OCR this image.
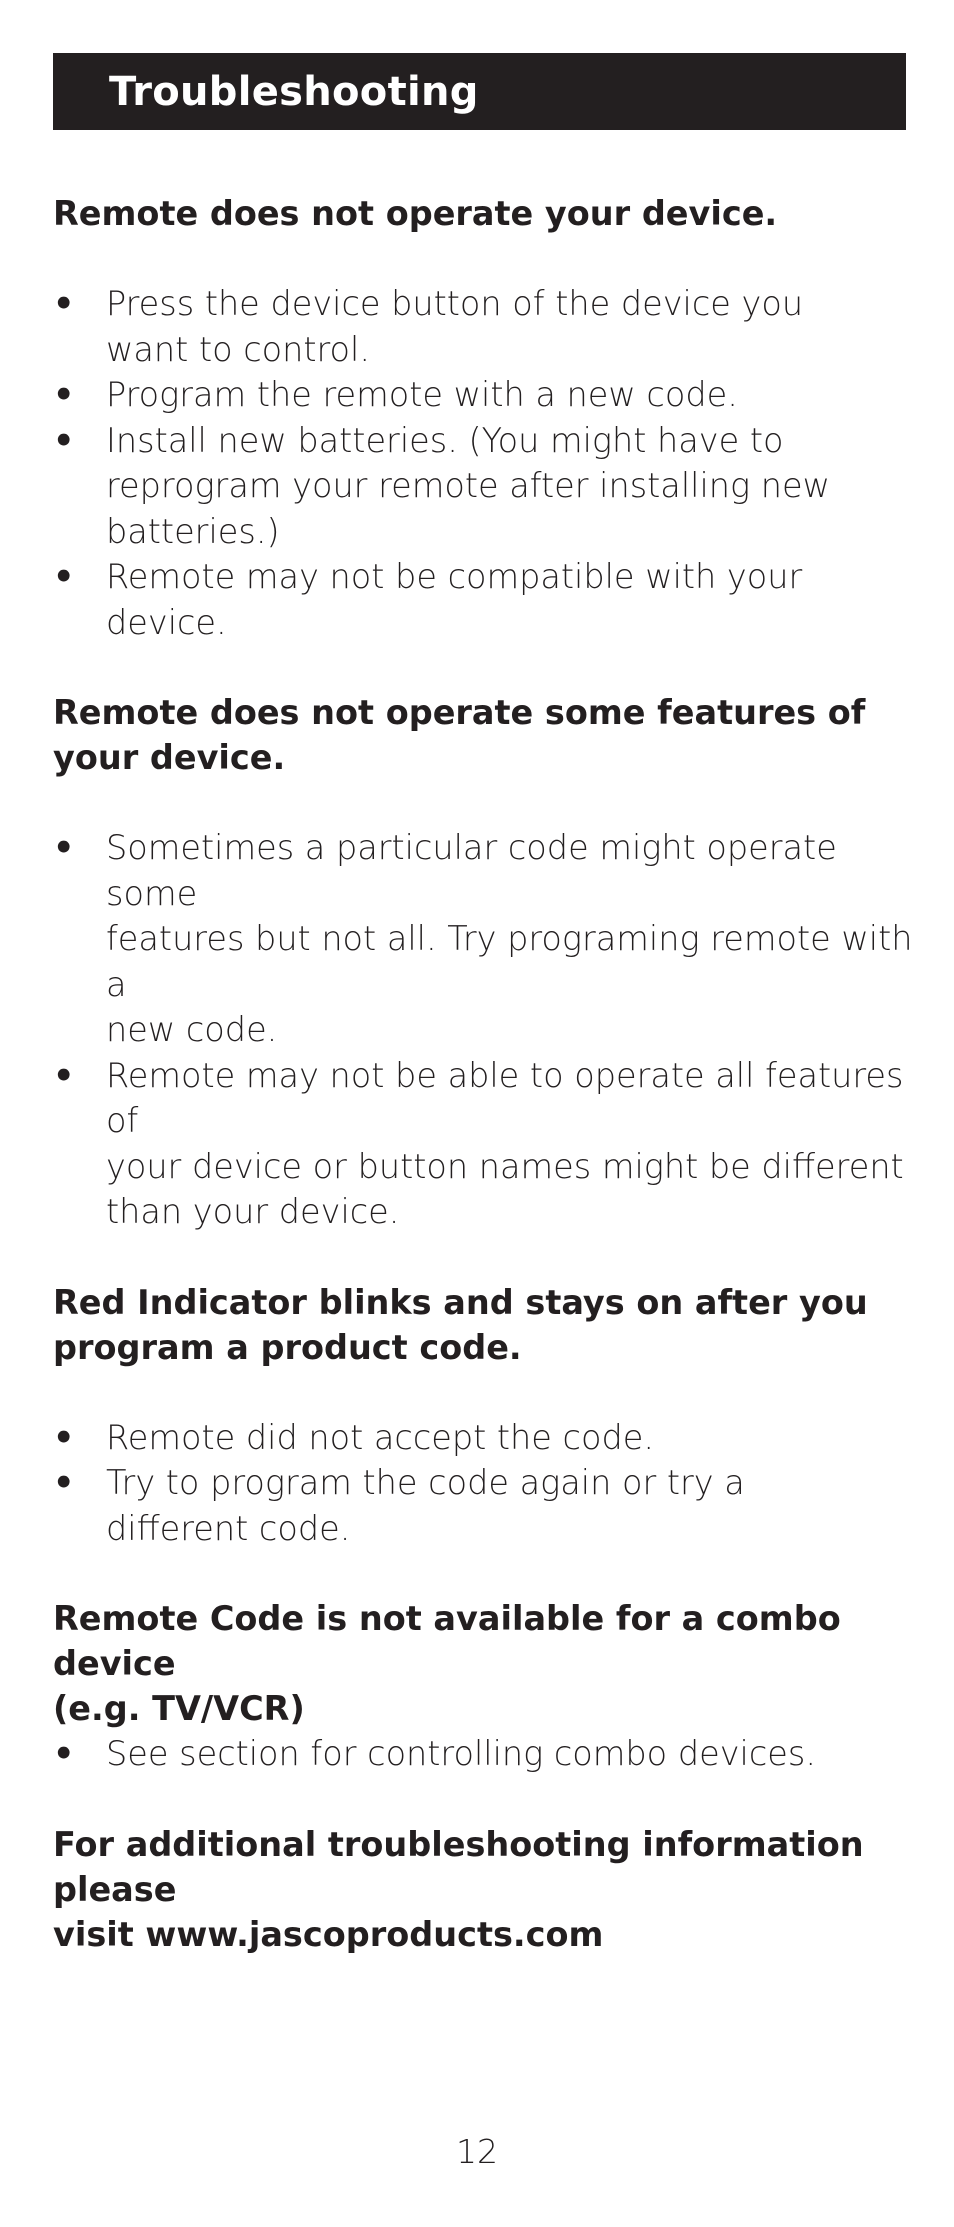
Troubleshooting

Remote does not operate your device.

• Press the device button of the device you
want to control.
• Program the remote with a new code.
• Install new batteries. (You might have to
reprogram your remote after installing new
batteries.)
• Remote may not be compatible with your device.

Remote does not operate some features of
your device.

• Sometimes a particular code might operate some
features but not all. Try programing remote with a
new code.
• Remote may not be able to operate all features of
your device or button names might be different
than your device.

Red Indicator blinks and stays on after you
program a product code.

• Remote did not accept the code.
• Try to program the code again or try a
different code.

Remote Code is not available for a combo device
(e.g. TV/VCR)

• See section for controlling combo devices.

For additional troubleshooting information please
visit www.jascoproducts.com

12
